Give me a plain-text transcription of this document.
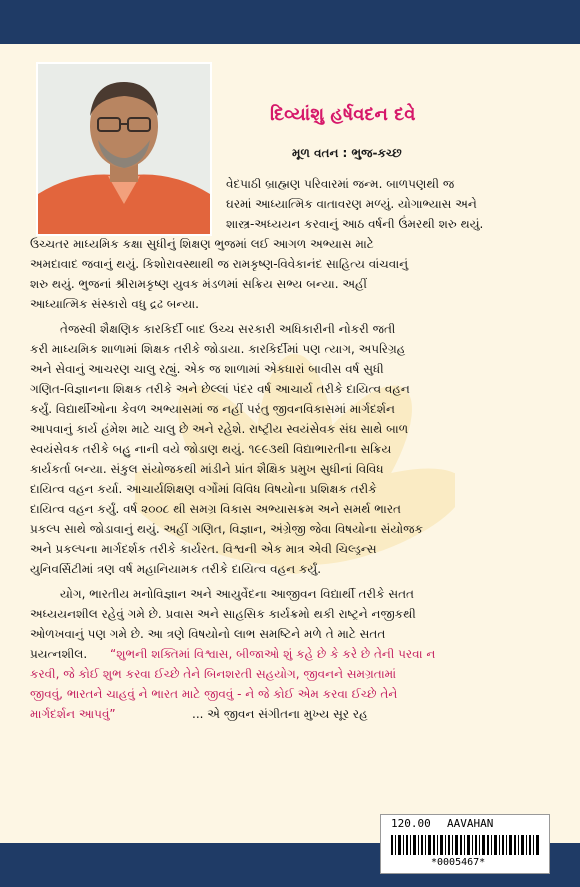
દિવ્યાંશુ હર્ષવદન દવે
મૂળ વતન : ભુજ-કચ્છ
વેદપાઠી બ્રાહ્મણ પરિવારમાં જન્મ. બાળપણથી જ
ઘરમાં આધ્યાત્મિક વાતાવરણ મળ્યું. યોગાભ્યાસ અને
શાસ્ત્ર-અધ્યયન કરવાનું આઠ વર્ષની ઉંમરથી શરુ થયું.
ઉચ્ચતર માધ્યમિક કક્ષા સુધીનું શિક્ષણ ભુજમાં લઈ આગળ અભ્યાસ માટે
અમદાવાદ જવાનું થયું. કિશોરાવસ્થાથી જ રામકૃષ્ણ-વિવેકાનંદ સાહિત્ય વાંચવાનું
શરુ થયું. ભુજનાં શ્રીરામકૃષ્ણ યુવક મંડળમાં સક્રિય સભ્ય બન્યા. અહીં
આધ્યાત્મિક સંસ્કારો વધુ દ્રઢ બન્યા.
તેજસ્વી શૈક્ષણિક કારકિર્દી બાદ ઉચ્ચ સરકારી અધિકારીની નોકરી જતી
કરી માધ્યમિક શાળામાં શિક્ષક તરીકે જોડાયા. કારકિર્દીમાં પણ ત્યાગ, અપરિગ્રહ
અને સેવાનું આચરણ ચાલુ રહ્યું. એક જ શાળામાં એકધારાં બાવીસ વર્ષ સુધી
ગણિત-વિજ્ઞાનના શિક્ષક તરીકે અને છેલ્લાં પંદર વર્ષ આચાર્ય તરીકે દાયિત્વ વહન
કર્યું. વિદ્યાર્થીઓના કેવળ અભ્યાસમાં જ નહીં પરંતુ જીવનવિકાસમાં માર્ગદર્શન
આપવાનું કાર્ય હંમેશ માટે ચાલુ છે અને રહેશે. રાષ્ટ્રીય સ્વયંસેવક સંઘ સાથે બાળ
સ્વયંસેવક તરીકે બહુ નાની વયે જોડાણ થયું. ૧૯૯૩થી વિદ્યાભારતીના સક્રિય
કાર્યકર્તા બન્યા. સંકુલ સંયોજકથી માંડીને પ્રાંત શૈક્ષિક પ્રમુખ સુધીનાં વિવિધ
દાયિત્વ વહન કર્યા. આચાર્યશિક્ષણ વર્ગોમાં વિવિધ વિષયોના પ્રશિક્ષક તરીકે
દાયિત્વ વહન કર્યું. વર્ષ ૨૦૦૮ થી સમગ્ર વિકાસ અભ્યાસક્રમ અને સમર્થ ભારત
પ્રકલ્પ સાથે જોડાવાનું થયું. અહીં ગણિત, વિજ્ઞાન, અંગ્રેજી જેવા વિષયોના સંયોજક
અને પ્રકલ્પના માર્ગદર્શક તરીકે કાર્યરત. વિશ્વની એક માત્ર એવી ચિલ્ડ્રન્સ
યુનિવર્સિટીમાં ત્રણ વર્ષ મહાનિયામક તરીકે દાયિત્વ વહન કર્યું.
યોગ, ભારતીય મનોવિજ્ઞાન અને આયુર્વેદના આજીવન વિદ્યાર્થી તરીકે સતત
અધ્યયનશીલ રહેવું ગમે છે. પ્રવાસ અને સાહસિક કાર્યક્રમો થકી રાષ્ટ્રને નજીકથી
ઓળખવાનું પણ ગમે છે. આ ત્રણે વિષયોનો લાભ સમષ્ટિને મળે તે માટે સતત
પ્રયત્નશીલ. “શુભની શક્તિમાં વિશ્વાસ, બીજાઓ શું કહે છે કે કરે છે તેની પરવા ન
કરવી, જે કોઈ શુભ કરવા ઈચ્છે તેને બિનશરતી સહયોગ, જીવનને સમગ્રતામાં
જીવવું, ભારતને ચાહવું ને ભારત માટે જીવવું - ને જે કોઈ એમ કરવા ઈચ્છે તેને
માર્ગદર્શન આપવું”	... એ જીવન સંગીતના મુખ્ય સૂર રહ
120.00 AAVAHAN
*0005467*
